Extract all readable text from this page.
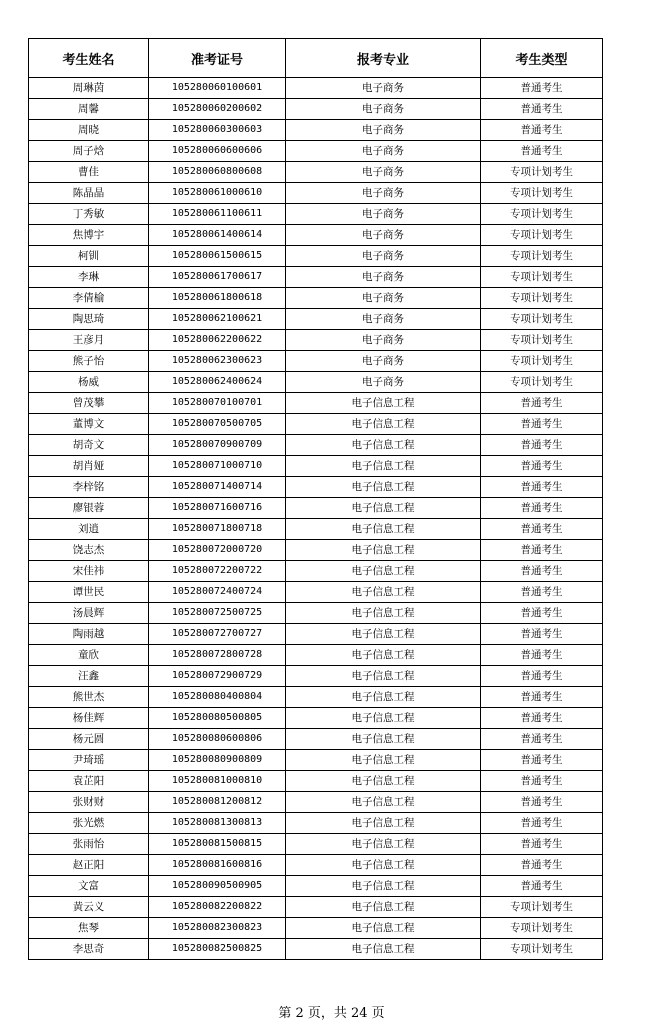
考生姓名	准考证号	报考专业	考生类型
周琳茵	105280060100601	电子商务	普通考生
周馨	105280060200602	电子商务	普通考生
周晓	105280060300603	电子商务	普通考生
周子焓	105280060600606	电子商务	普通考生
曹佳	105280060800608	电子商务	专项计划考生
陈晶晶	105280061000610	电子商务	专项计划考生
丁秀敏	105280061100611	电子商务	专项计划考生
焦博宇	105280061400614	电子商务	专项计划考生
柯钏	105280061500615	电子商务	专项计划考生
李琳	105280061700617	电子商务	专项计划考生
李倩榆	105280061800618	电子商务	专项计划考生
陶思琦	105280062100621	电子商务	专项计划考生
王彦月	105280062200622	电子商务	专项计划考生
熊子怡	105280062300623	电子商务	专项计划考生
杨威	105280062400624	电子商务	专项计划考生
曾茂攀	105280070100701	电子信息工程	普通考生
董博文	105280070500705	电子信息工程	普通考生
胡奇文	105280070900709	电子信息工程	普通考生
胡肖娅	105280071000710	电子信息工程	普通考生
李梓铭	105280071400714	电子信息工程	普通考生
廖银蓉	105280071600716	电子信息工程	普通考生
刘逍	105280071800718	电子信息工程	普通考生
饶志杰	105280072000720	电子信息工程	普通考生
宋佳祎	105280072200722	电子信息工程	普通考生
谭世民	105280072400724	电子信息工程	普通考生
汤晨辉	105280072500725	电子信息工程	普通考生
陶雨越	105280072700727	电子信息工程	普通考生
童欣	105280072800728	电子信息工程	普通考生
汪鑫	105280072900729	电子信息工程	普通考生
熊世杰	105280080400804	电子信息工程	普通考生
杨佳辉	105280080500805	电子信息工程	普通考生
杨元圆	105280080600806	电子信息工程	普通考生
尹琦瑶	105280080900809	电子信息工程	普通考生
袁芷阳	105280081000810	电子信息工程	普通考生
张财财	105280081200812	电子信息工程	普通考生
张光燃	105280081300813	电子信息工程	普通考生
张雨怡	105280081500815	电子信息工程	普通考生
赵正阳	105280081600816	电子信息工程	普通考生
文富	105280090500905	电子信息工程	普通考生
黄云义	105280082200822	电子信息工程	专项计划考生
焦琴	105280082300823	电子信息工程	专项计划考生
李思奇	105280082500825	电子信息工程	专项计划考生
第 2 页，共 24 页
